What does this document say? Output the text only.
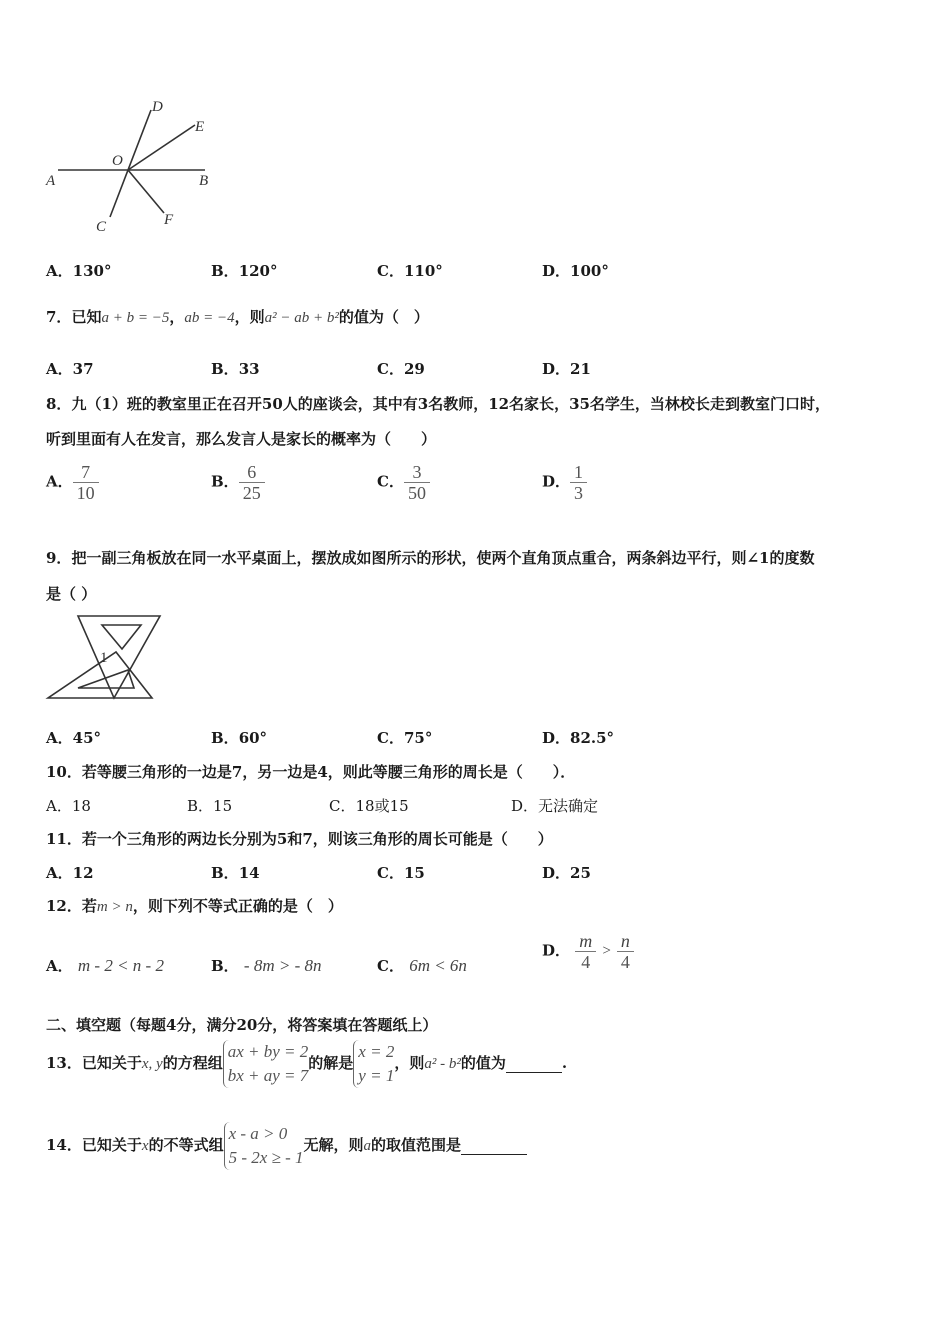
D
E
O
A	B
C	F
A．130°	B．120°	C．110°	D．100°
7．已知a + b = −5，ab = −4，则a² − ab + b²的值为（　）
A．37	B．33	C．29	D．21
8．九（1）班的教室里正在召开50人的座谈会，其中有3名教师，12名家长，35名学生，当林校长走到教室门口时，
听到里面有人在发言，那么发言人是家长的概率为（　　）
A． $\frac{7}{10}$	B． $\frac{6}{25}$	C． $\frac{3}{50}$	D． $\frac{1}{3}$
9．把一副三角板放在同一水平桌面上，摆放成如图所示的形状，使两个直角顶点重合，两条斜边平行，则∠1的度数
是（ ）
1
A．45°	B．60°	C．75°	D．82.5°
10．若等腰三角形的一边是7，另一边是4，则此等腰三角形的周长是（　　）．
A．18	B．15	C．18或15	D．无法确定
11．若一个三角形的两边长分别为5和7，则该三角形的周长可能是（　　）
A．12	B．14	C．15	D．25
12．若m > n，则下列不等式正确的是（　）
A． m - 2 < n - 2	B． - 8m > - 8n	C． 6m < 6n
D． $\frac{m}{4} > \frac{n}{4}$
二、填空题（每题4分，满分20分，将答案填在答题纸上）
13．已知关于x, y的方程组
ax + by = 2
bx + ay = 7
的解是
x = 2
y = 1
，则a² - b²的值为	.
14．已知关于x的不等式组
x - a > 0
5 - 2x ≥ - 1
无解，则a的取值范围是
